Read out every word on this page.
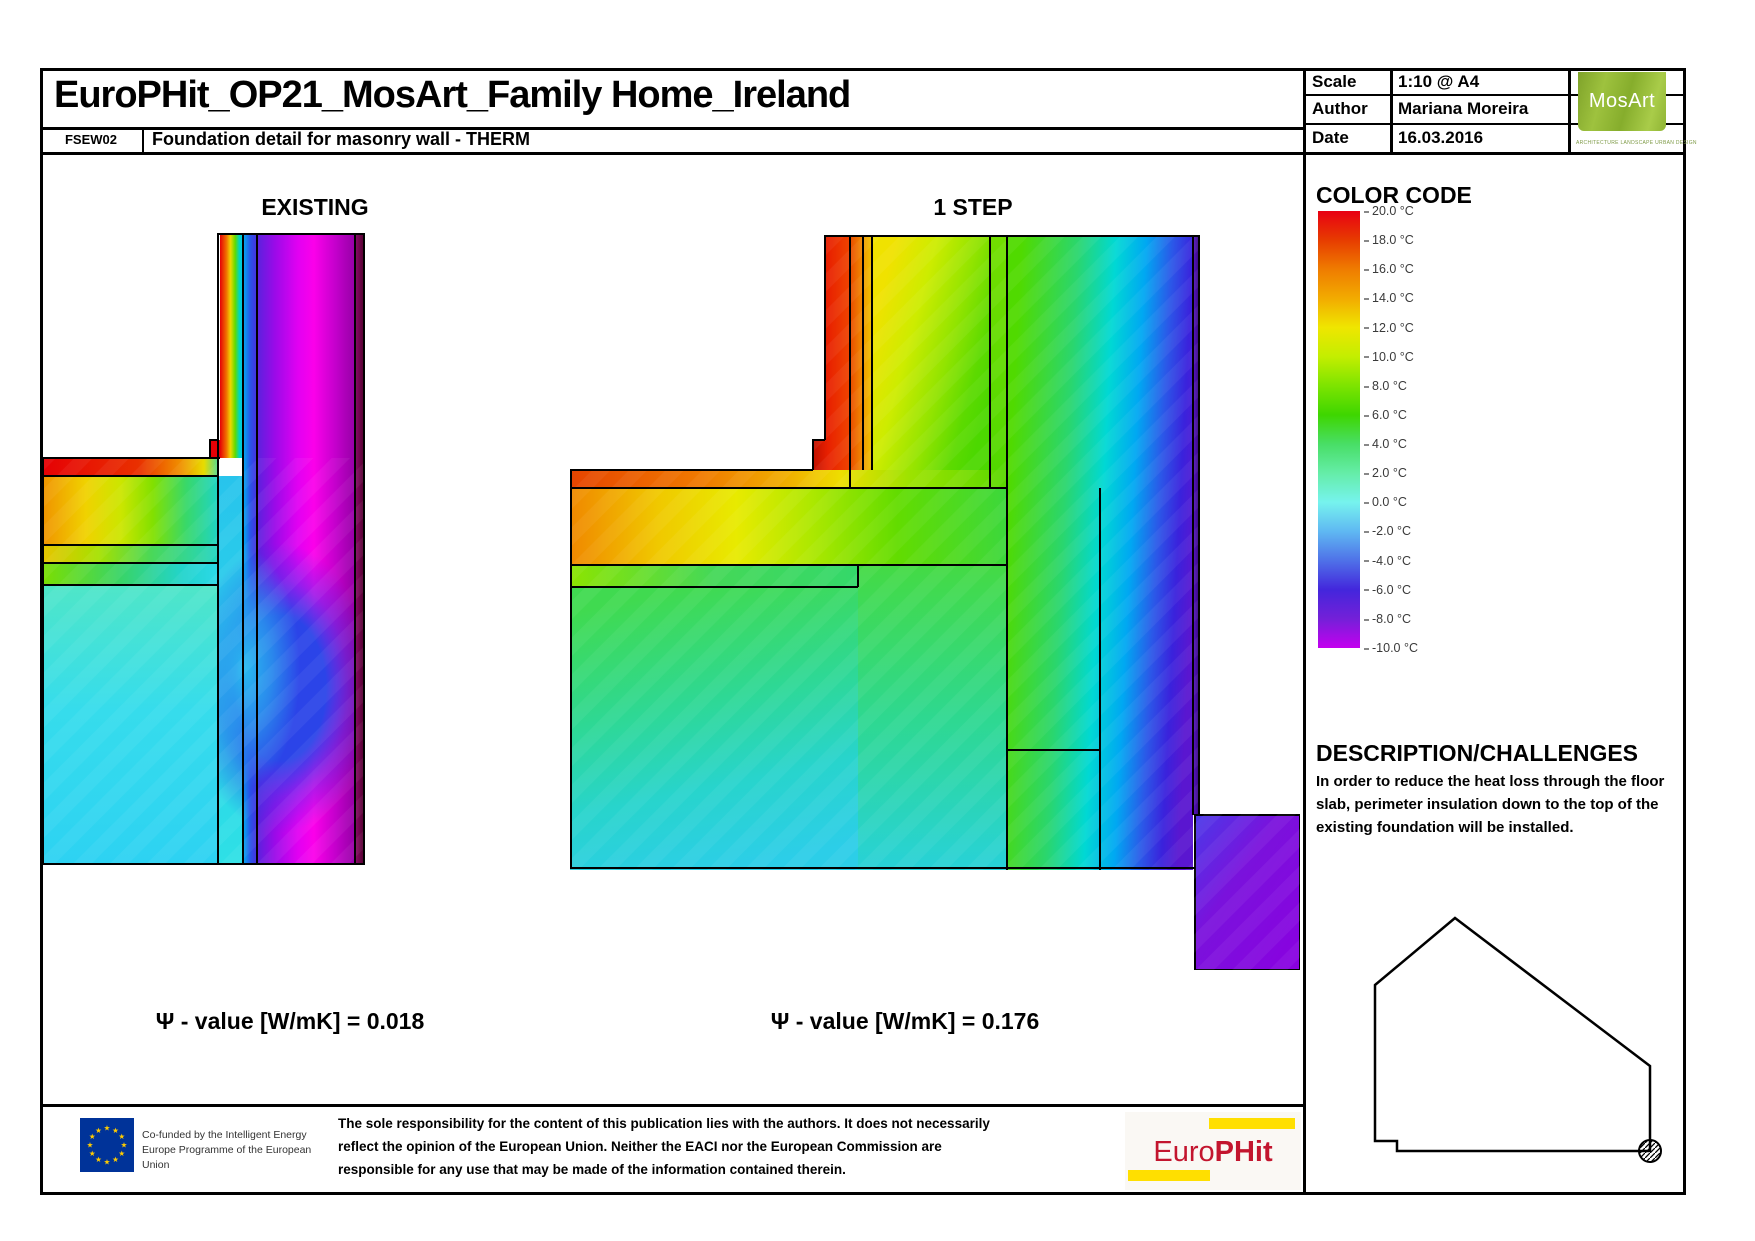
EuroPHit_OP21_MosArt_Family Home_Ireland
FSEW02	Foundation detail for masonry wall - THERM
Scale 1:10 @ A4
Author Mariana Moreira
Date	16.03.2016
MosArt
ARCHITECTURE LANDSCAPE URBAN DESIGN
EXISTING	1 STEP
Ψ - value [W/mK] = 0.018	Ψ - value [W/mK] = 0.176
COLOR CODE
20.0 °C
18.0 °C
16.0 °C
14.0 °C
12.0 °C
10.0 °C
8.0 °C
6.0 °C
4.0 °C
2.0 °C
0.0 °C
-2.0 °C
-4.0 °C
-6.0 °C
-8.0 °C
-10.0 °C
DESCRIPTION/CHALLENGES
In order to reduce the heat loss through the floor slab, perimeter insulation down to the top of the existing foundation will be installed.
★ ★
★
★
★
★
★
★
★
★
★
★	Co-funded by the Intelligent Energy Europe Programme of the European Union
The sole responsibility for the content of this publication lies with the authors. It does not necessarily reflect the opinion of the European Union. Neither the EACI nor the European Commission are responsible for any use that may be made of the information contained therein.
EuroPHit
